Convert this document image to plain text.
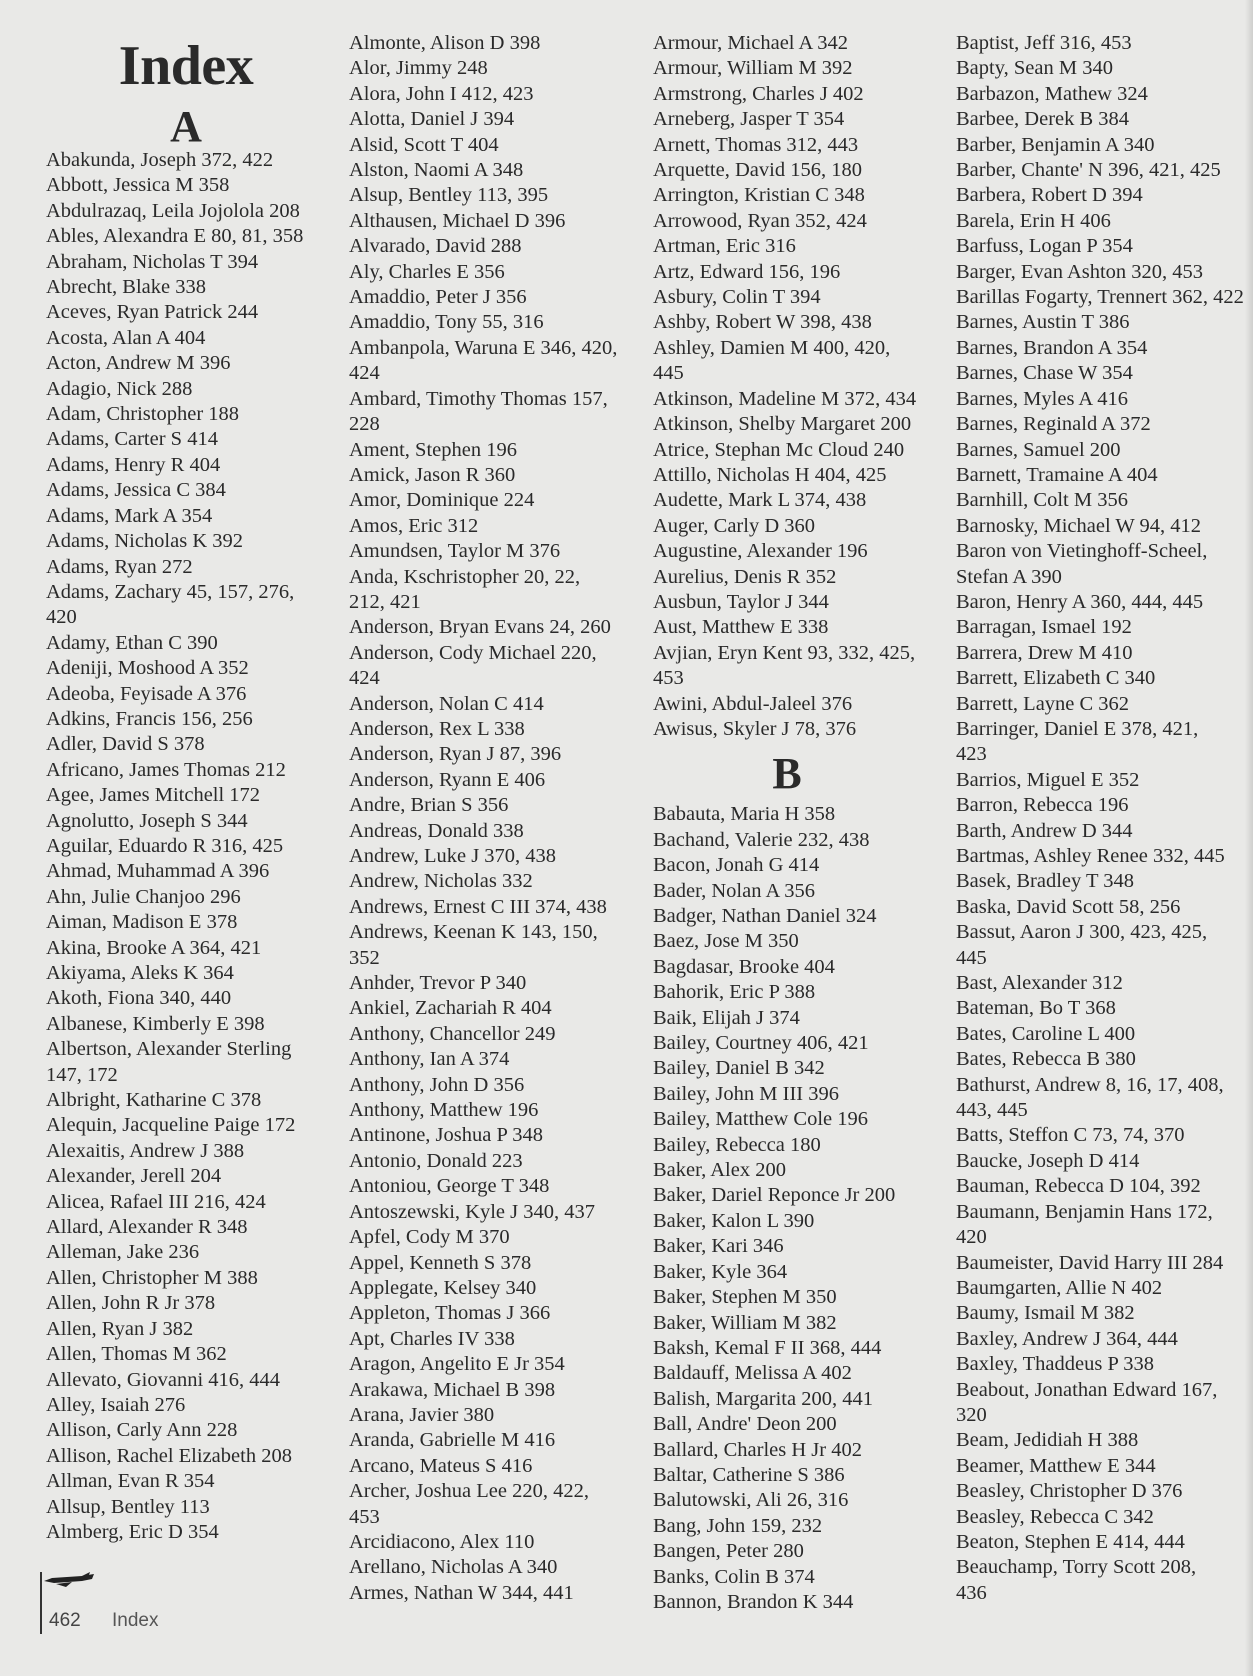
Index
A
Abakunda, Joseph 372, 422
Abbott, Jessica M 358
Abdulrazaq, Leila Jojolola 208
Ables, Alexandra E 80, 81, 358
Abraham, Nicholas T 394
Abrecht, Blake 338
Aceves, Ryan Patrick 244
Acosta, Alan A 404
Acton, Andrew M 396
Adagio, Nick 288
Adam, Christopher 188
Adams, Carter S 414
Adams, Henry R 404
Adams, Jessica C 384
Adams, Mark A 354
Adams, Nicholas K 392
Adams, Ryan 272
Adams, Zachary 45, 157, 276,
420
Adamy, Ethan C 390
Adeniji, Moshood A 352
Adeoba, Feyisade A 376
Adkins, Francis 156, 256
Adler, David S 378
Africano, James Thomas 212
Agee, James Mitchell 172
Agnolutto, Joseph S 344
Aguilar, Eduardo R 316, 425
Ahmad, Muhammad A 396
Ahn, Julie Chanjoo 296
Aiman, Madison E 378
Akina, Brooke A 364, 421
Akiyama, Aleks K 364
Akoth, Fiona 340, 440
Albanese, Kimberly E 398
Albertson, Alexander Sterling
147, 172
Albright, Katharine C 378
Alequin, Jacqueline Paige 172
Alexaitis, Andrew J 388
Alexander, Jerell 204
Alicea, Rafael III 216, 424
Allard, Alexander R 348
Alleman, Jake 236
Allen, Christopher M 388
Allen, John R Jr 378
Allen, Ryan J 382
Allen, Thomas M 362
Allevato, Giovanni 416, 444
Alley, Isaiah 276
Allison, Carly Ann 228
Allison, Rachel Elizabeth 208
Allman, Evan R 354
Allsup, Bentley 113
Almberg, Eric D 354
Almonte, Alison D 398
Alor, Jimmy 248
Alora, John I 412, 423
Alotta, Daniel J 394
Alsid, Scott T 404
Alston, Naomi A 348
Alsup, Bentley 113, 395
Althausen, Michael D 396
Alvarado, David 288
Aly, Charles E 356
Amaddio, Peter J 356
Amaddio, Tony 55, 316
Ambanpola, Waruna E 346, 420,
424
Ambard, Timothy Thomas 157,
228
Ament, Stephen 196
Amick, Jason R 360
Amor, Dominique 224
Amos, Eric 312
Amundsen, Taylor M 376
Anda, Kschristopher 20, 22,
212, 421
Anderson, Bryan Evans 24, 260
Anderson, Cody Michael 220,
424
Anderson, Nolan C 414
Anderson, Rex L 338
Anderson, Ryan J 87, 396
Anderson, Ryann E 406
Andre, Brian S 356
Andreas, Donald 338
Andrew, Luke J 370, 438
Andrew, Nicholas 332
Andrews, Ernest C III 374, 438
Andrews, Keenan K 143, 150,
352
Anhder, Trevor P 340
Ankiel, Zachariah R 404
Anthony, Chancellor 249
Anthony, Ian A 374
Anthony, John D 356
Anthony, Matthew 196
Antinone, Joshua P 348
Antonio, Donald 223
Antoniou, George T 348
Antoszewski, Kyle J 340, 437
Apfel, Cody M 370
Appel, Kenneth S 378
Applegate, Kelsey 340
Appleton, Thomas J 366
Apt, Charles IV 338
Aragon, Angelito E Jr 354
Arakawa, Michael B 398
Arana, Javier 380
Aranda, Gabrielle M 416
Arcano, Mateus S 416
Archer, Joshua Lee 220, 422,
453
Arcidiacono, Alex 110
Arellano, Nicholas A 340
Armes, Nathan W 344, 441
Armour, Michael A 342
Armour, William M 392
Armstrong, Charles J 402
Arneberg, Jasper T 354
Arnett, Thomas 312, 443
Arquette, David 156, 180
Arrington, Kristian C 348
Arrowood, Ryan 352, 424
Artman, Eric 316
Artz, Edward 156, 196
Asbury, Colin T 394
Ashby, Robert W 398, 438
Ashley, Damien M 400, 420,
445
Atkinson, Madeline M 372, 434
Atkinson, Shelby Margaret 200
Atrice, Stephan Mc Cloud 240
Attillo, Nicholas H 404, 425
Audette, Mark L 374, 438
Auger, Carly D 360
Augustine, Alexander 196
Aurelius, Denis R 352
Ausbun, Taylor J 344
Aust, Matthew E 338
Avjian, Eryn Kent 93, 332, 425,
453
Awini, Abdul-Jaleel 376
Awisus, Skyler J 78, 376
B
Babauta, Maria H 358
Bachand, Valerie 232, 438
Bacon, Jonah G 414
Bader, Nolan A 356
Badger, Nathan Daniel 324
Baez, Jose M 350
Bagdasar, Brooke 404
Bahorik, Eric P 388
Baik, Elijah J 374
Bailey, Courtney 406, 421
Bailey, Daniel B 342
Bailey, John M III 396
Bailey, Matthew Cole 196
Bailey, Rebecca 180
Baker, Alex 200
Baker, Dariel Reponce Jr 200
Baker, Kalon L 390
Baker, Kari 346
Baker, Kyle 364
Baker, Stephen M 350
Baker, William M 382
Baksh, Kemal F II 368, 444
Baldauff, Melissa A 402
Balish, Margarita 200, 441
Ball, Andre' Deon 200
Ballard, Charles H Jr 402
Baltar, Catherine S 386
Balutowski, Ali 26, 316
Bang, John 159, 232
Bangen, Peter 280
Banks, Colin B 374
Bannon, Brandon K 344
Baptist, Jeff 316, 453
Bapty, Sean M 340
Barbazon, Mathew 324
Barbee, Derek B 384
Barber, Benjamin A 340
Barber, Chante' N 396, 421, 425
Barbera, Robert D 394
Barela, Erin H 406
Barfuss, Logan P 354
Barger, Evan Ashton 320, 453
Barillas Fogarty, Trennert 362, 422
Barnes, Austin T 386
Barnes, Brandon A 354
Barnes, Chase W 354
Barnes, Myles A 416
Barnes, Reginald A 372
Barnes, Samuel 200
Barnett, Tramaine A 404
Barnhill, Colt M 356
Barnosky, Michael W 94, 412
Baron von Vietinghoff-Scheel,
Stefan A 390
Baron, Henry A 360, 444, 445
Barragan, Ismael 192
Barrera, Drew M 410
Barrett, Elizabeth C 340
Barrett, Layne C 362
Barringer, Daniel E 378, 421,
423
Barrios, Miguel E 352
Barron, Rebecca 196
Barth, Andrew D 344
Bartmas, Ashley Renee 332, 445
Basek, Bradley T 348
Baska, David Scott 58, 256
Bassut, Aaron J 300, 423, 425,
445
Bast, Alexander 312
Bateman, Bo T 368
Bates, Caroline L 400
Bates, Rebecca B 380
Bathurst, Andrew 8, 16, 17, 408,
443, 445
Batts, Steffon C 73, 74, 370
Baucke, Joseph D 414
Bauman, Rebecca D 104, 392
Baumann, Benjamin Hans 172,
420
Baumeister, David Harry III 284
Baumgarten, Allie N 402
Baumy, Ismail M 382
Baxley, Andrew J 364, 444
Baxley, Thaddeus P 338
Beabout, Jonathan Edward 167,
320
Beam, Jedidiah H 388
Beamer, Matthew E 344
Beasley, Christopher D 376
Beasley, Rebecca C 342
Beaton, Stephen E 414, 444
Beauchamp, Torry Scott 208,
436
462 Index
